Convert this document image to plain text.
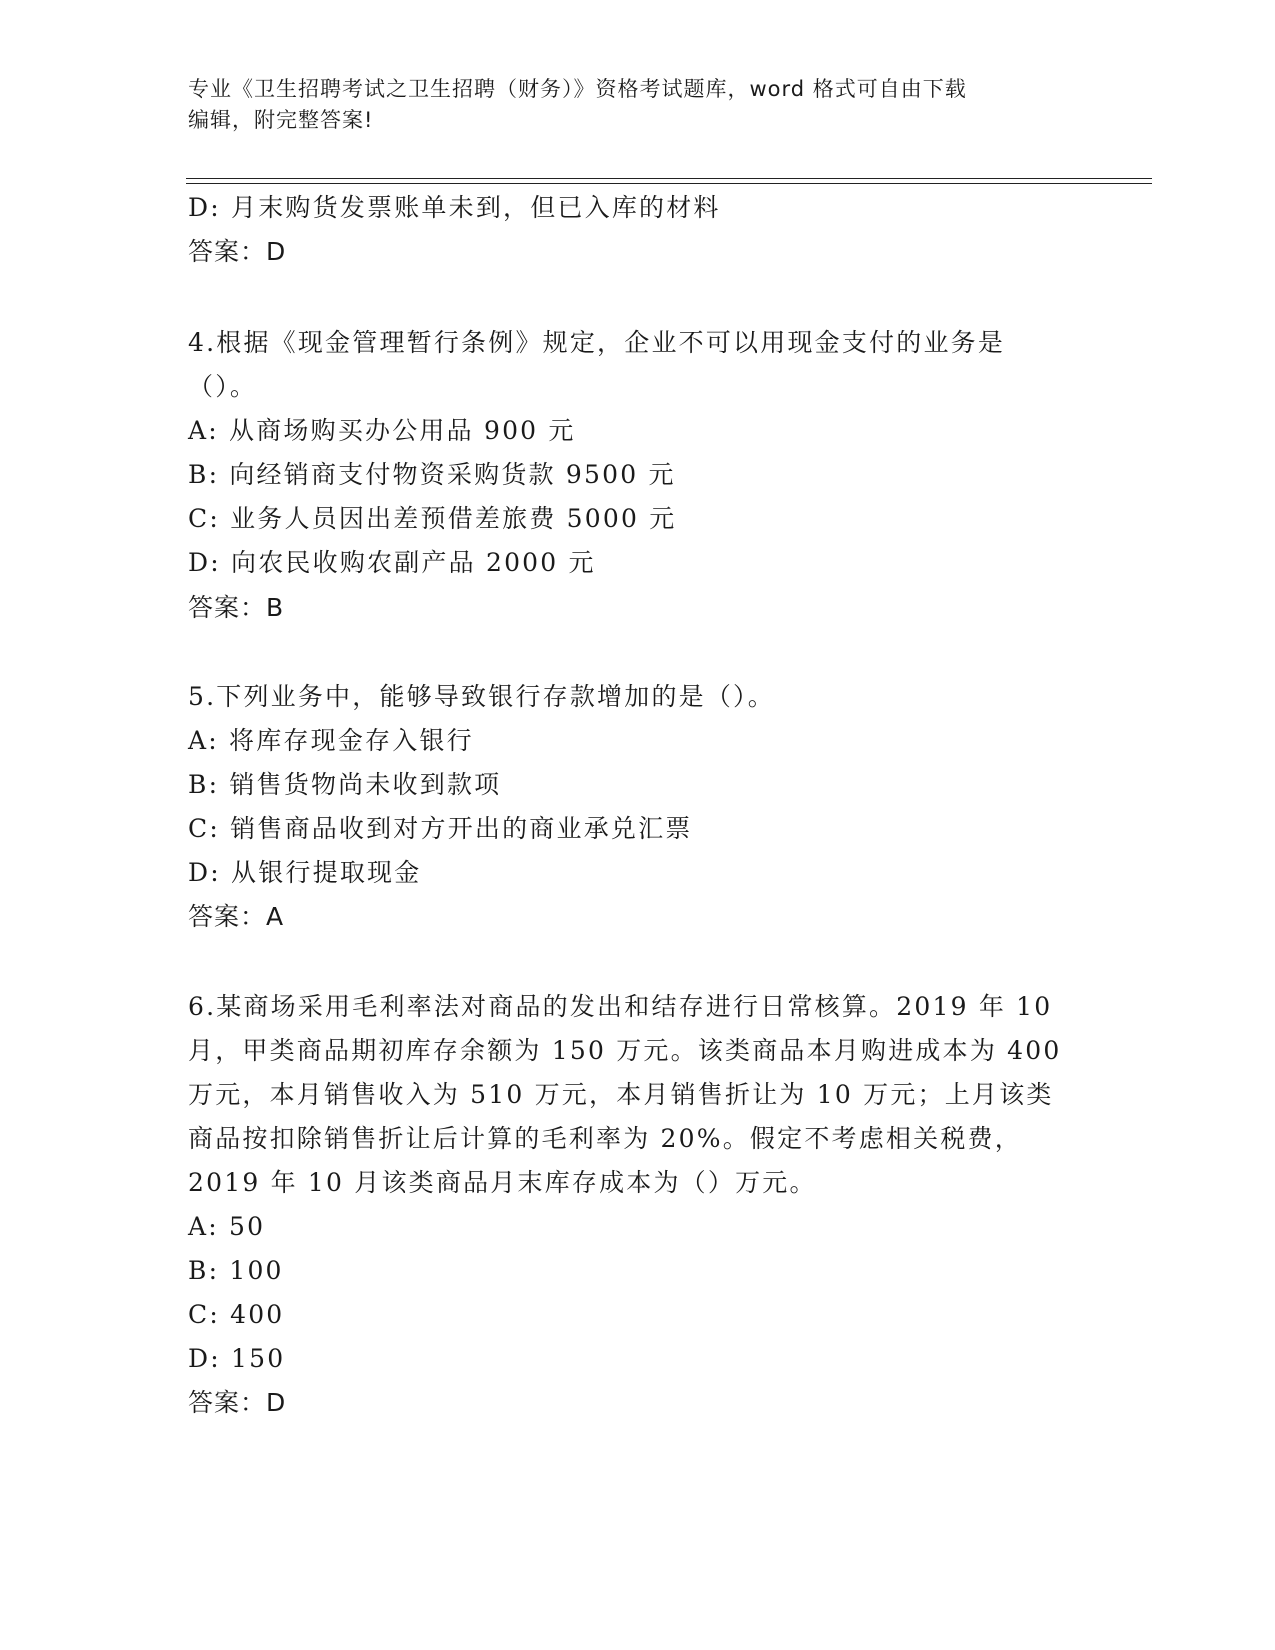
专业《卫生招聘考试之卫生招聘（财务）》资格考试题库，word 格式可自由下载
编辑，附完整答案!
D: 月末购货发票账单未到，但已入库的材料
答案：D
4.根据《现金管理暂行条例》规定，企业不可以用现金支付的业务是
（）。
A: 从商场购买办公用品 900 元
B: 向经销商支付物资采购货款 9500 元
C: 业务人员因出差预借差旅费 5000 元
D: 向农民收购农副产品 2000 元
答案：B
5.下列业务中，能够导致银行存款增加的是（）。
A: 将库存现金存入银行
B: 销售货物尚未收到款项
C: 销售商品收到对方开出的商业承兑汇票
D: 从银行提取现金
答案：A
6.某商场采用毛利率法对商品的发出和结存进行日常核算。2019 年 10
月，甲类商品期初库存余额为 150 万元。该类商品本月购进成本为 400
万元，本月销售收入为 510 万元，本月销售折让为 10 万元；上月该类
商品按扣除销售折让后计算的毛利率为 20%。假定不考虑相关税费，
2019 年 10 月该类商品月末库存成本为（）万元。
A: 50
B: 100
C: 400
D: 150
答案：D
